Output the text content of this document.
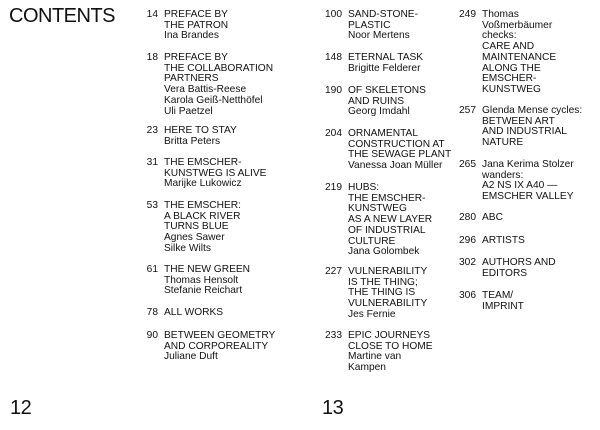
CONTENTS	14 PREFACE BY
THE PATRON
Ina Brandes
18 PREFACE BY
THE COLLABORATION
PARTNERS
Vera Battis-Reese
Karola Geiß-Netthöfel
Uli Paetzel
23 HERE TO STAY
Britta Peters
31 THE EMSCHER-
KUNSTWEG IS ALIVE
Marijke Lukowicz
53 THE EMSCHER:
A BLACK RIVER
TURNS BLUE
Agnes Sawer
Silke Wilts
61 THE NEW GREEN
Thomas Hensolt
Stefanie Reichart
78 ALL WORKS
90 BETWEEN GEOMETRY
AND CORPOREALITY
Juliane Duft
100 SAND-STONE-
PLASTIC
Noor Mertens
148 ETERNAL TASK
Brigitte Felderer
190 OF SKELETONS
AND RUINS
Georg Imdahl
204 ORNAMENTAL
CONSTRUCTION AT
THE SEWAGE PLANT
Vanessa Joan Müller
219 HUBS:
THE EMSCHER-
KUNSTWEG
AS A NEW LAYER
OF INDUSTRIAL
CULTURE
Jana Golombek
227 VULNERABILITY
IS THE THING;
THE THING IS
VULNERABILITY
Jes Fernie
233 EPIC JOURNEYS
CLOSE TO HOME
Martine van
Kampen
249 Thomas
Voßmerbäumer
checks:
CARE AND
MAINTENANCE
ALONG THE
EMSCHER-
KUNSTWEG
257 Glenda Mense cycles:
BETWEEN ART
AND INDUSTRIAL
NATURE
265 Jana Kerima Stolzer
wanders:
A2 NS IX A40 —
EMSCHER VALLEY
280 ABC
296 ARTISTS
302 AUTHORS AND
EDITORS
306 TEAM/
IMPRINT
12	13
